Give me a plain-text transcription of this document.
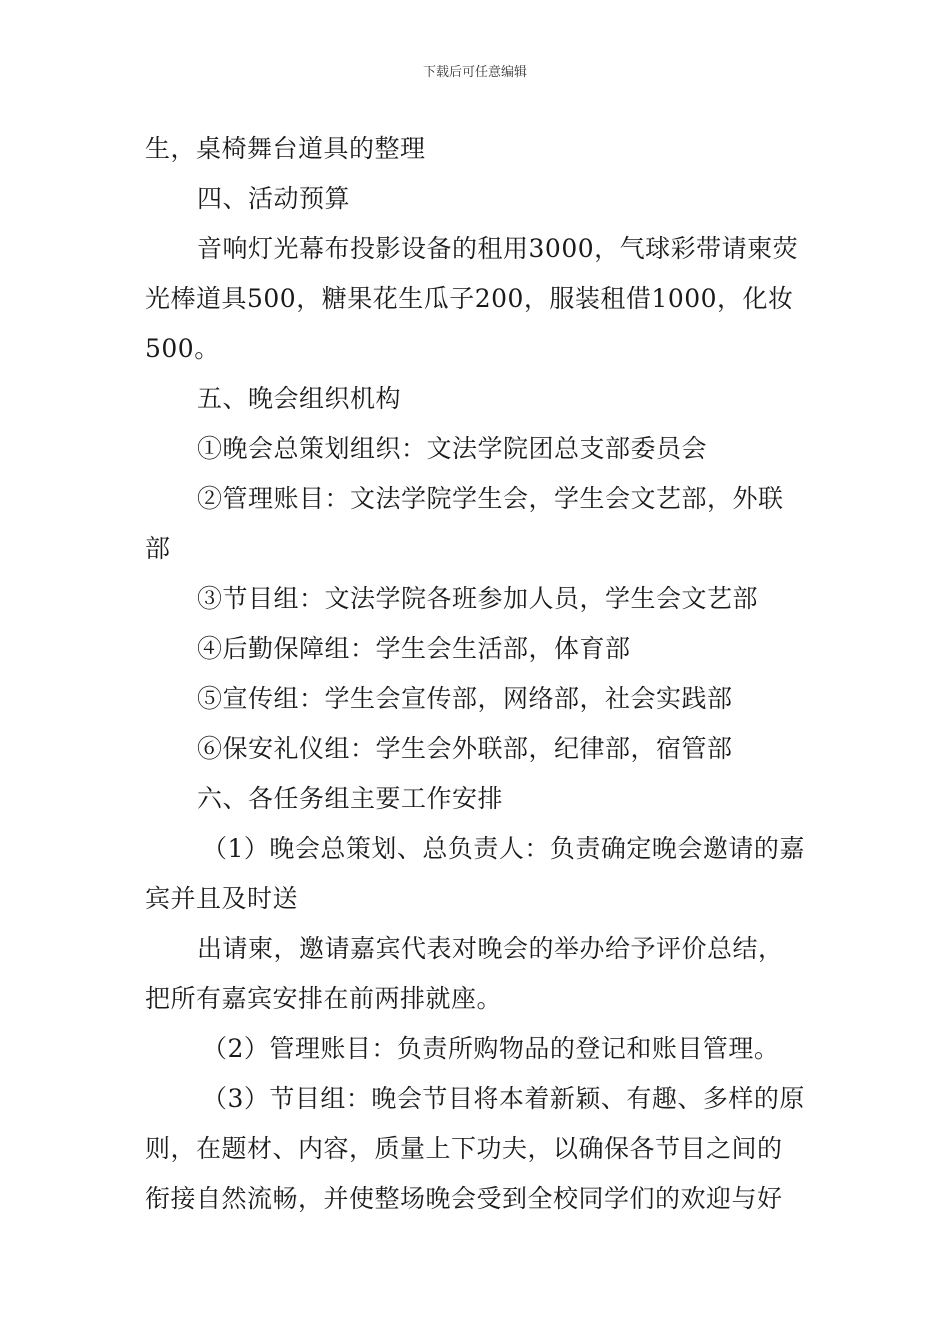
下载后可任意编辑
生，桌椅舞台道具的整理
四、活动预算
音响灯光幕布投影设备的租用3000，气球彩带请柬荧
光棒道具500，糖果花生瓜子200，服装租借1000，化妆
500。
五、晚会组织机构
①晚会总策划组织：文法学院团总支部委员会
②管理账目：文法学院学生会，学生会文艺部，外联
部
③节目组：文法学院各班参加人员，学生会文艺部
④后勤保障组：学生会生活部，体育部
⑤宣传组：学生会宣传部，网络部，社会实践部
⑥保安礼仪组：学生会外联部，纪律部，宿管部
六、各任务组主要工作安排
（1）晚会总策划、总负责人：负责确定晚会邀请的嘉
宾并且及时送
出请柬，邀请嘉宾代表对晚会的举办给予评价总结，
把所有嘉宾安排在前两排就座。
（2）管理账目：负责所购物品的登记和账目管理。
（3）节目组：晚会节目将本着新颖、有趣、多样的原
则，在题材、内容，质量上下功夫，以确保各节目之间的
衔接自然流畅，并使整场晚会受到全校同学们的欢迎与好
